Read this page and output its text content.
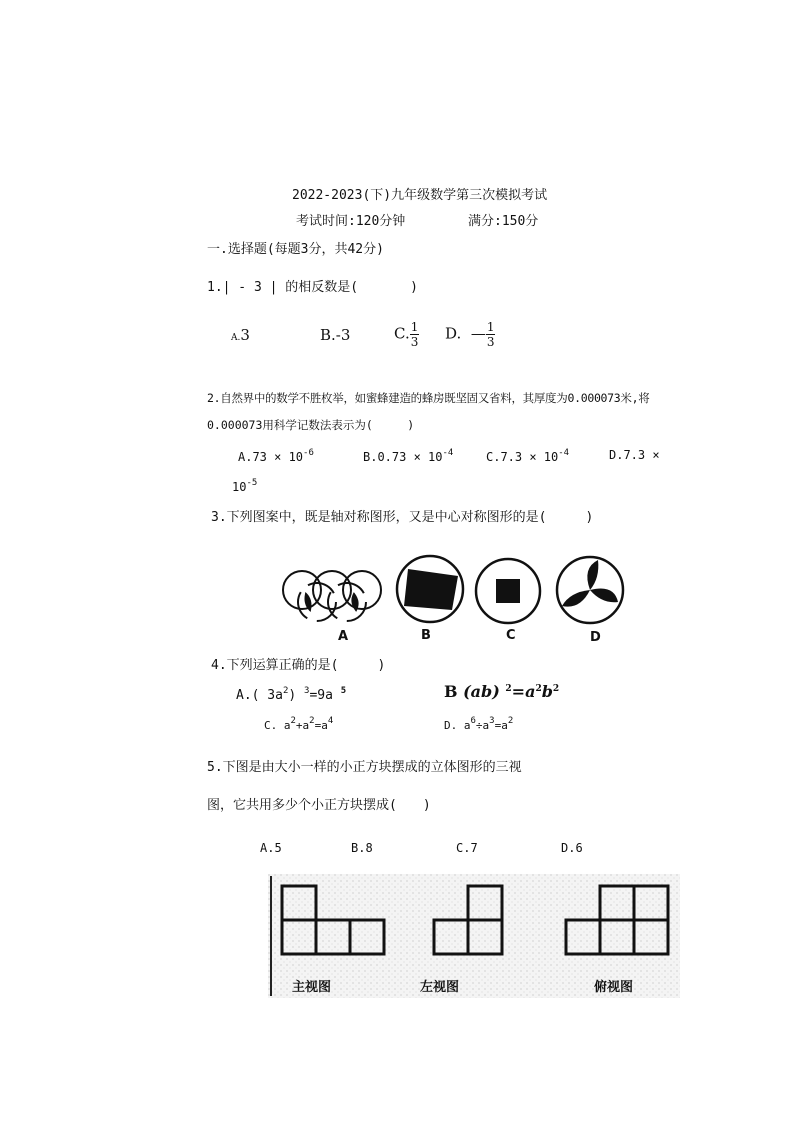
2022-2023(下)九年级数学第三次模拟考试
考试时间:120分钟	满分:150分
一.选择题(每题3分，共42分)
1.| - 3 | 的相反数是(　　　　)
A.3	B.-3	C. $\frac{1}{3} D$. — $\frac{1}{3}$
2.自然界中的数学不胜枚举，如蜜蜂建造的蜂房既坚固又省料，其厚度为0.000073米,将
0.000073用科学记数法表示为(　　　)
$A.73 \times 10^{-6}$	$B.0.73 \times 10^{-4}$	$C.7.3 \times 10^{-4}$	D.7.3 ×
$10^{-5}$
3.下列图案中，既是轴对称图形，又是中心对称图形的是(　　　)
A	B	C	D
4.下列运算正确的是(　　　)
A.( $3a^2$) $^3$=9a $^5$	B (ab) $^2=a^2b^2$
C. $a^2+a^2=a^4$	D. $a^6\div a^3=a^2$
5.下图是由大小一样的小正方块摆成的立体图形的三视
图，它共用多少个小正方块摆成(　　)
A.5	B.8	C.7	D.6
主视图	左视图	俯视图
